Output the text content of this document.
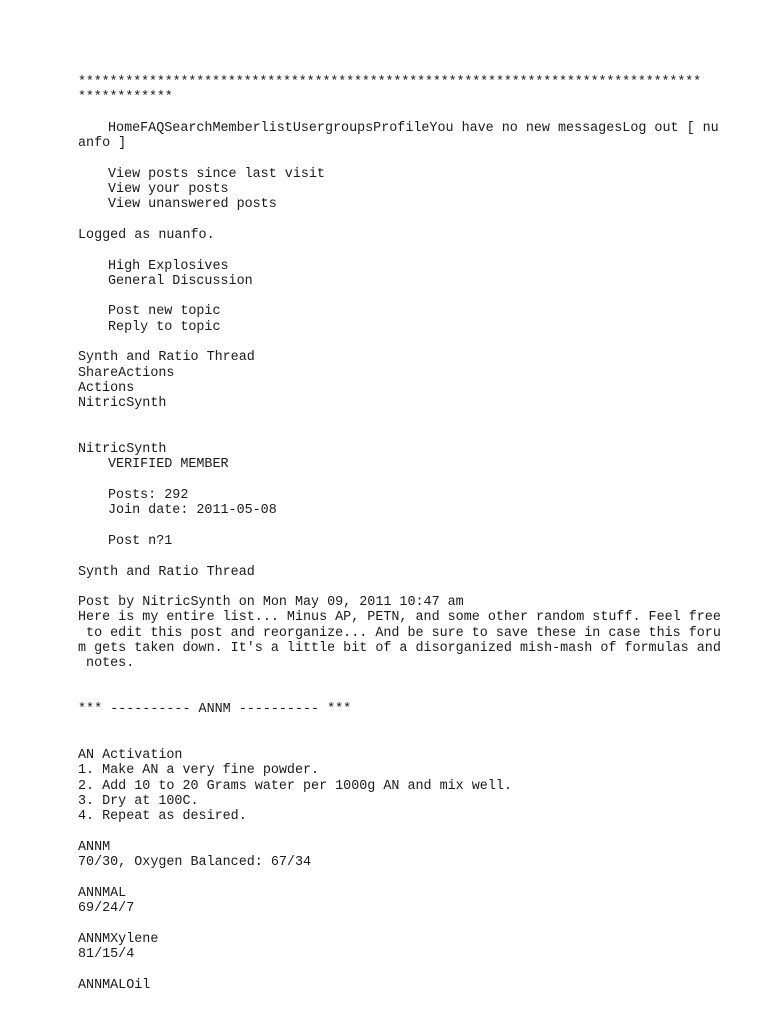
*******************************************************************************
************
HomeFAQSearchMemberlistUsergroupsProfileYou have no new messagesLog out [ nu
anfo ]
View posts since last visit
View your posts
View unanswered posts
Logged as nuanfo.
High Explosives
General Discussion
Post new topic
Reply to topic
Synth and Ratio Thread
ShareActions
Actions
NitricSynth
NitricSynth
VERIFIED MEMBER
Posts: 292
Join date: 2011-05-08
Post n?1
Synth and Ratio Thread
Post by NitricSynth on Mon May 09, 2011 10:47 am
Here is my entire list... Minus AP, PETN, and some other random stuff. Feel free
to edit this post and reorganize... And be sure to save these in case this foru
m gets taken down. It's a little bit of a disorganized mish-mash of formulas and
notes.
*** ---------- ANNM ---------- ***
AN Activation
1. Make AN a very fine powder.
2. Add 10 to 20 Grams water per 1000g AN and mix well.
3. Dry at 100C.
4. Repeat as desired.
ANNM
70/30, Oxygen Balanced: 67/34
ANNMAL
69/24/7
ANNMXylene
81/15/4
ANNMALOil
